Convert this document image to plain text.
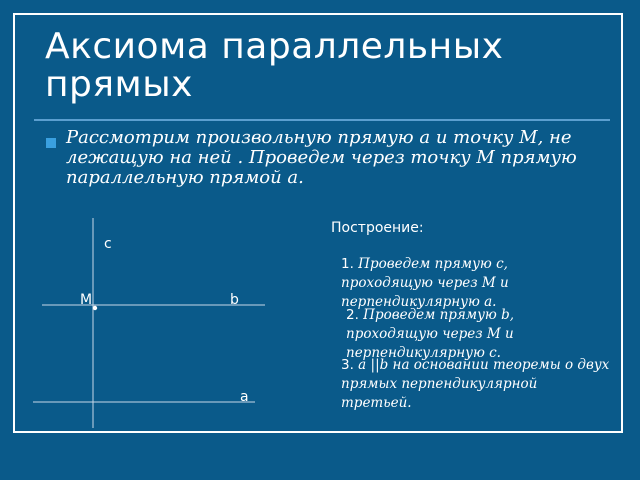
Аксиома параллельных прямых
Рассмотрим произвольную прямую а и точку М, не лежащую на ней . Проведем через точку М прямую параллельную прямой а.
c
M	b
a
Построение:
1. Проведем прямую с, проходящую через М и перпендикулярную а.
2. Проведем прямую b, проходящую через М и перпендикулярную с.
3. а ||b на основании теоремы о двух прямых перпендикулярной третьей.
